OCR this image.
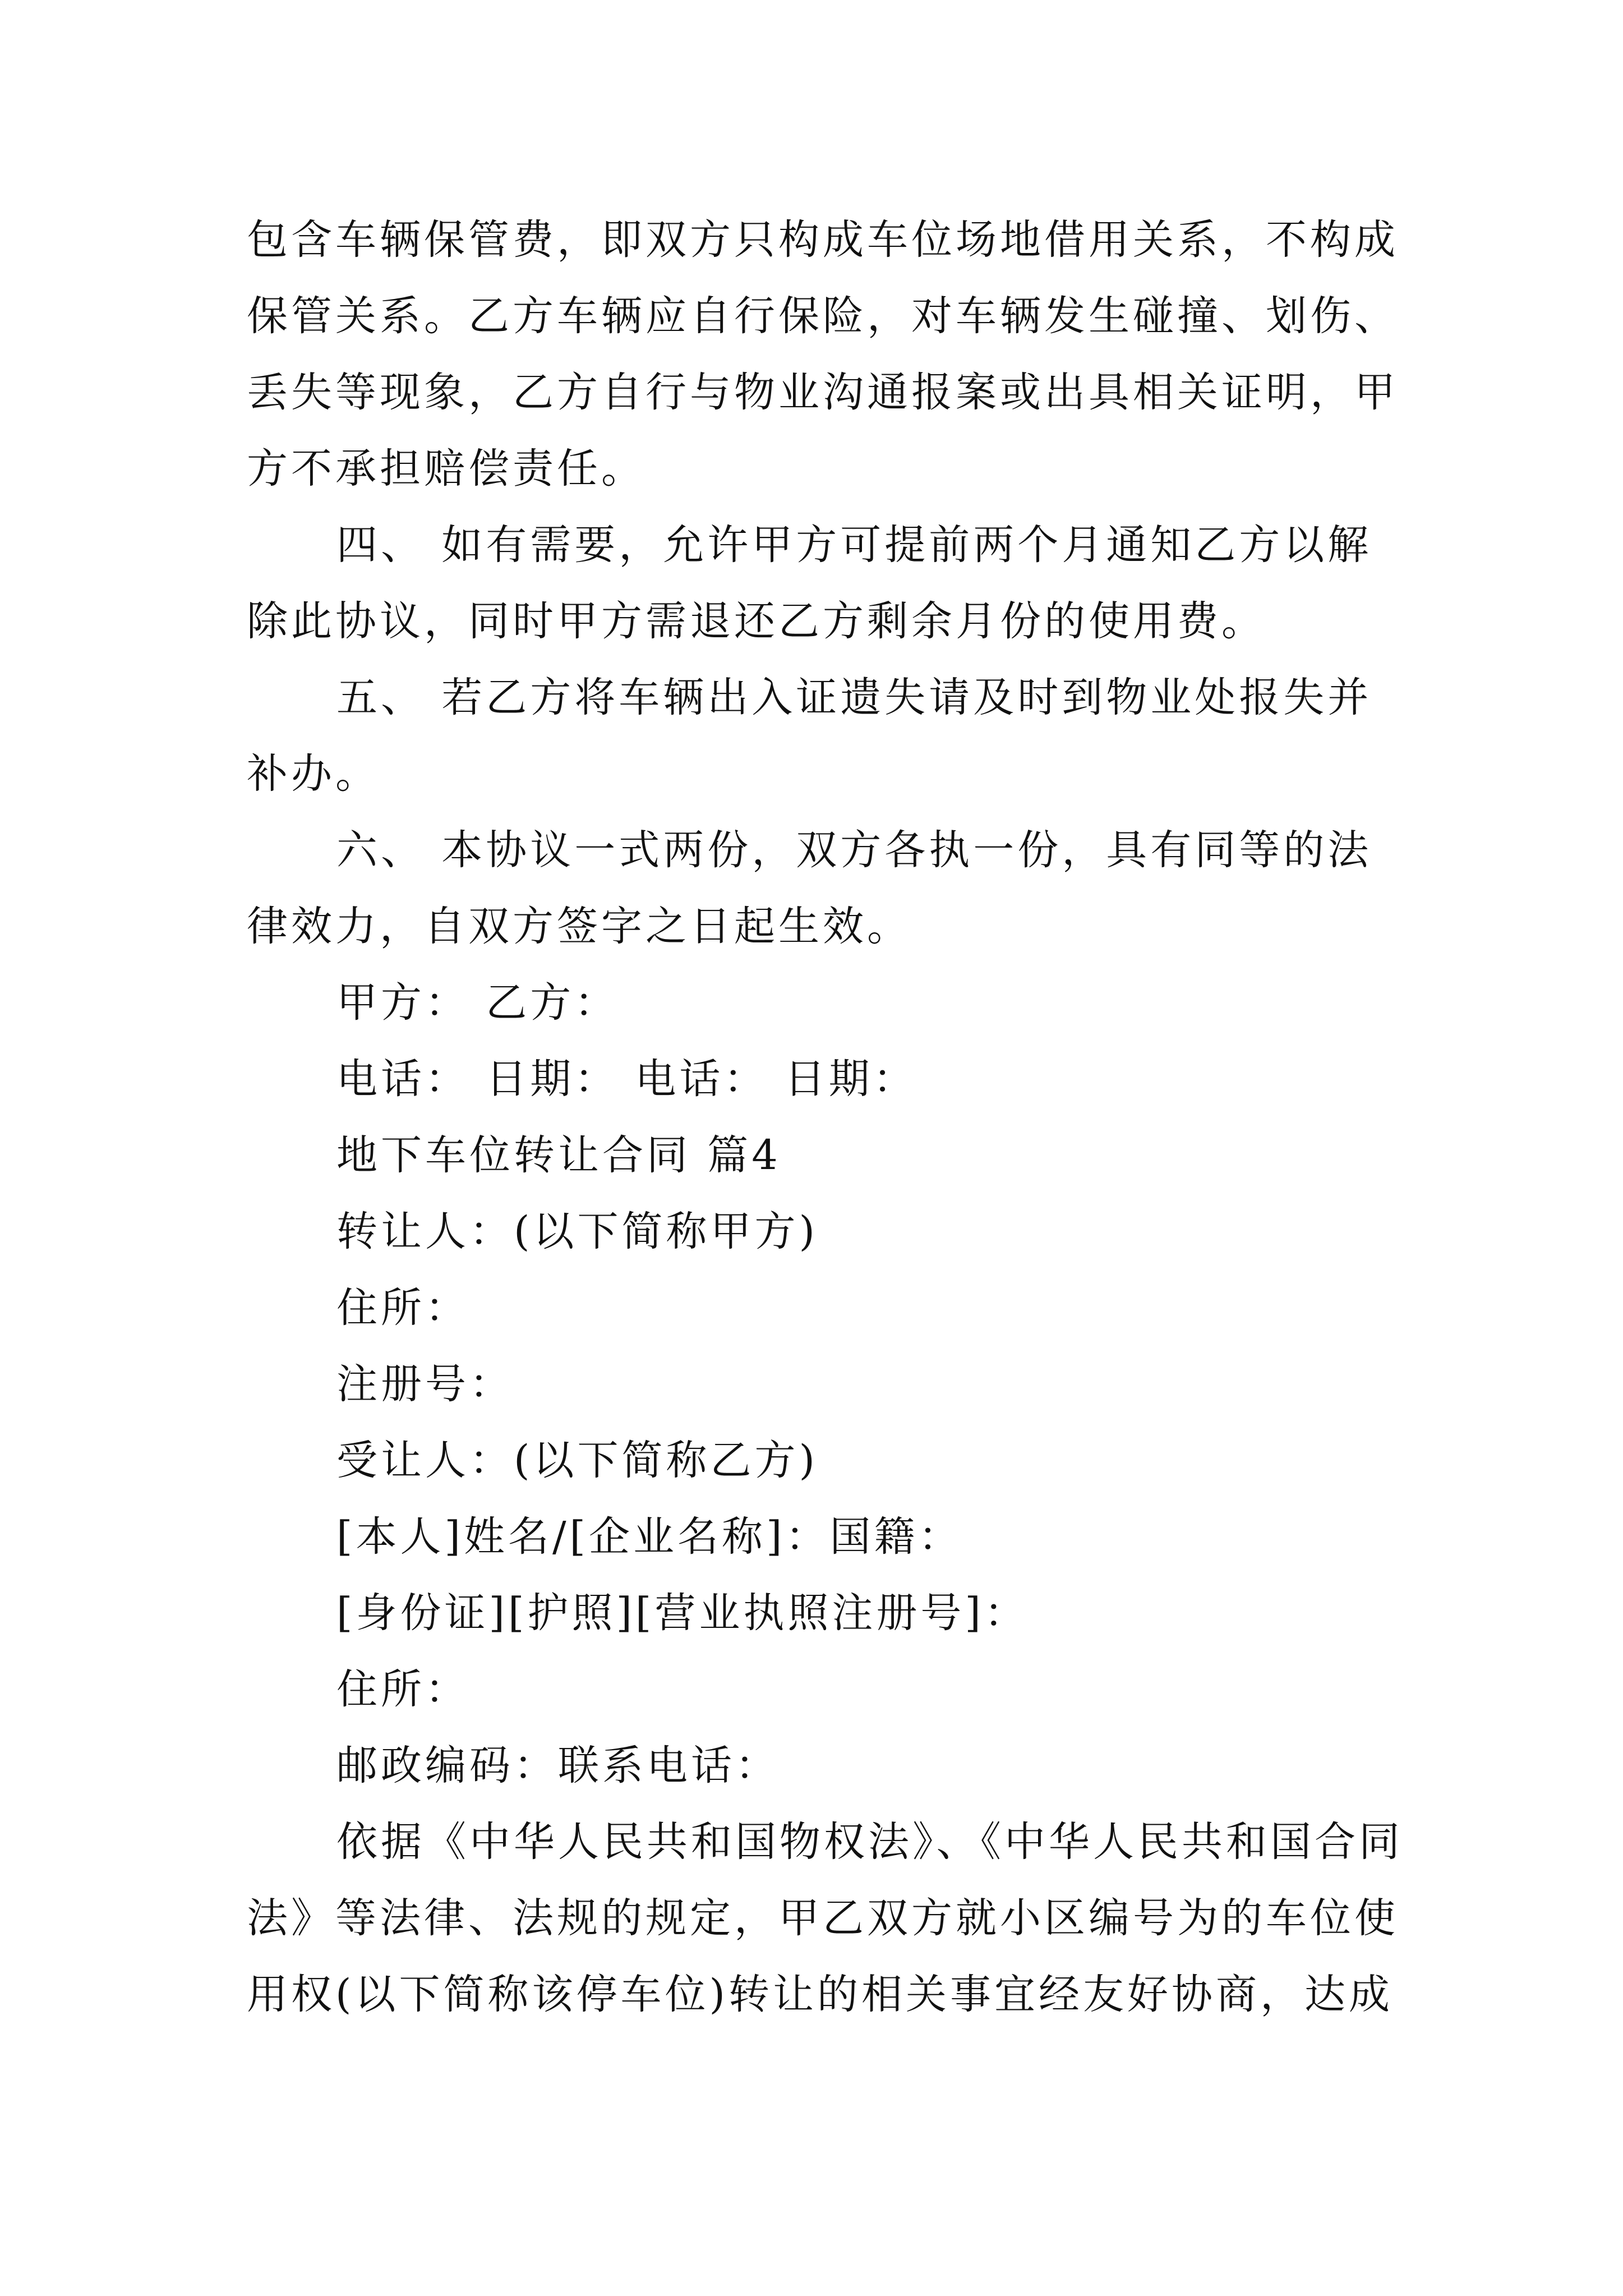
包含车辆保管费，即双方只构成车位场地借用关系，不构成
保管关系。乙方车辆应自行保险，对车辆发生碰撞、划伤、
丢失等现象，乙方自行与物业沟通报案或出具相关证明，甲
方不承担赔偿责任。
四、 如有需要，允许甲方可提前两个月通知乙方以解
除此协议，同时甲方需退还乙方剩余月份的使用费。
五、 若乙方将车辆出入证遗失请及时到物业处报失并
补办。
六、 本协议一式两份，双方各执一份，具有同等的法
律效力，自双方签字之日起生效。
甲方： 乙方：
电话： 日期： 电话： 日期：
地下车位转让合同 篇4
转让人：(以下简称甲方)
住所：
注册号：
受让人：(以下简称乙方)
[本人]姓名/[企业名称]：国籍：
[身份证][护照][营业执照注册号]：
住所：
邮政编码：联系电话：
依据《中华人民共和国物权法》、《中华人民共和国合同
法》等法律、法规的规定，甲乙双方就小区编号为的车位使
用权(以下简称该停车位)转让的相关事宜经友好协商，达成
